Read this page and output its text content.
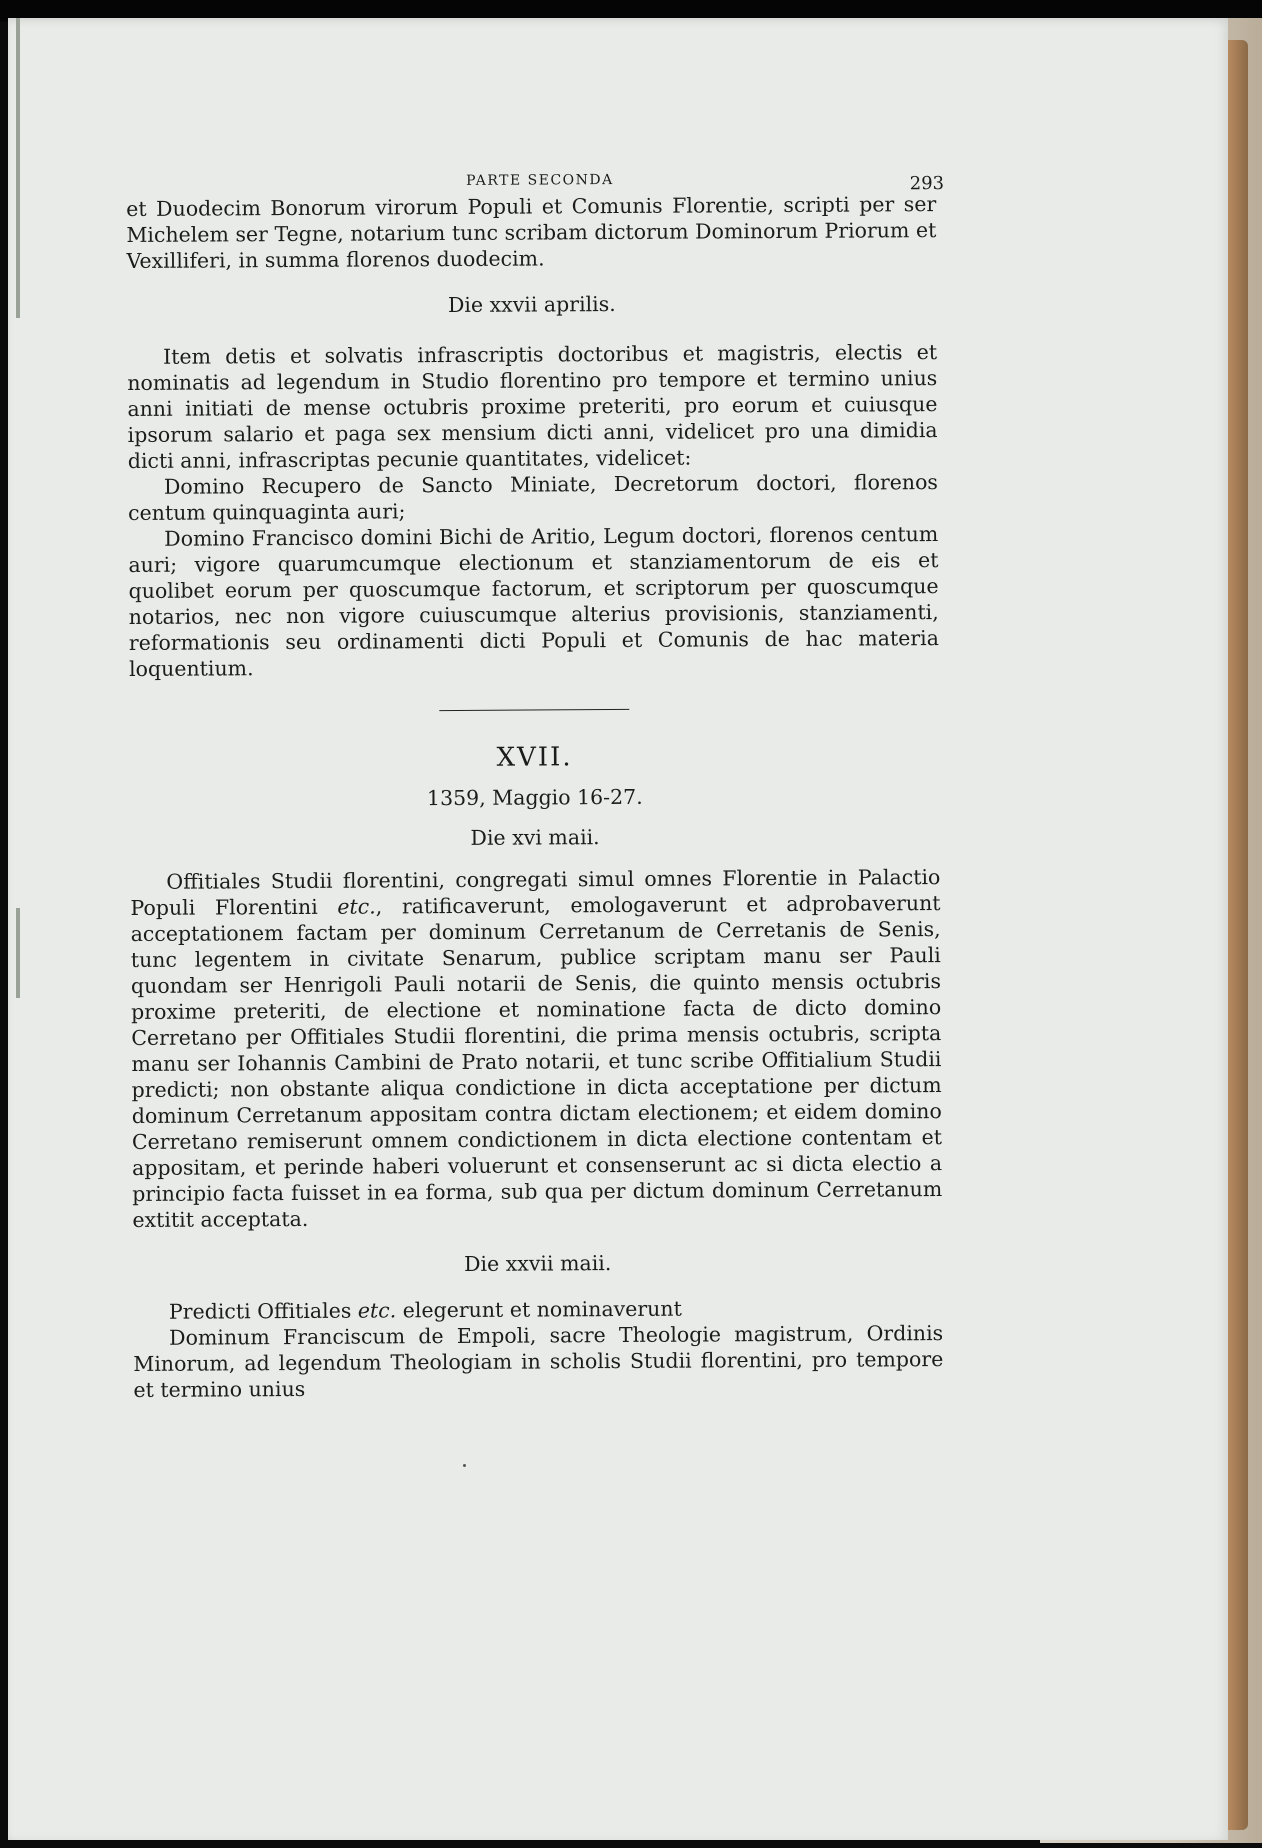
PARTE SECONDA	293

et Duodecim Bonorum virorum Populi et Comunis Florentie, scripti per ser Michelem ser Tegne, notarium tunc scribam dictorum Dominorum Priorum et Vexilliferi, in summa florenos duodecim.

Die xxvii aprilis.

Item detis et solvatis infrascriptis doctoribus et magistris, electis et nominatis ad legendum in Studio florentino pro tempore et termino unius anni initiati de mense octubris proxime preteriti, pro eorum et cuiusque ipsorum salario et paga sex mensium dicti anni, videlicet pro una dimidia dicti anni, infrascriptas pecunie quantitates, videlicet:

Domino Recupero de Sancto Miniate, Decretorum doctori, florenos centum quinquaginta auri;

Domino Francisco domini Bichi de Aritio, Legum doctori, florenos centum auri; vigore quarumcumque electionum et stanziamentorum de eis et quolibet eorum per quoscumque factorum, et scriptorum per quoscumque notarios, nec non vigore cuiuscumque alterius provisionis, stanziamenti, reformationis seu ordinamenti dicti Populi et Comunis de hac materia loquentium.

XVII.
1359, Maggio 16-27.

Die xvi maii.

Offitiales Studii florentini, congregati simul omnes Florentie in Palactio Populi Florentini etc., ratificaverunt, emologaverunt et adprobaverunt acceptationem factam per dominum Cerretanum de Cerretanis de Senis, tunc legentem in civitate Senarum, publice scriptam manu ser Pauli quondam ser Henrigoli Pauli notarii de Senis, die quinto mensis octubris proxime preteriti, de electione et nominatione facta de dicto domino Cerretano per Offitiales Studii florentini, die prima mensis octubris, scripta manu ser Iohannis Cambini de Prato notarii, et tunc scribe Offitialium Studii predicti; non obstante aliqua condictione in dicta acceptatione per dictum dominum Cerretanum appositam contra dictam electionem; et eidem domino Cerretano remiserunt omnem condictionem in dicta electione contentam et appositam, et perinde haberi voluerunt et consenserunt ac si dicta electio a principio facta fuisset in ea forma, sub qua per dictum dominum Cerretanum extitit acceptata.

Die xxvii maii.

Predicti Offitiales etc. elegerunt et nominaverunt

Dominum Franciscum de Empoli, sacre Theologie magistrum, Ordinis Minorum, ad legendum Theologiam in scholis Studii florentini, pro tempore et termino unius
